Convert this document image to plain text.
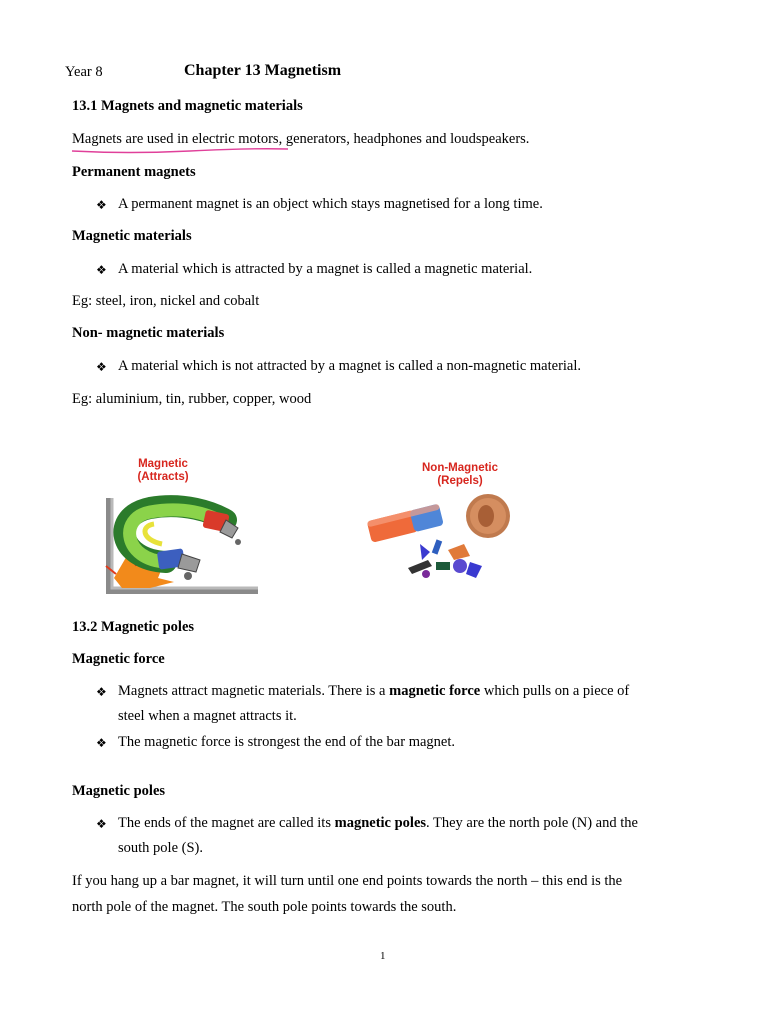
Year 8	Chapter 13 Magnetism
13.1 Magnets and magnetic materials
Magnets are used in electric motors, generators, headphones and loudspeakers.
Permanent magnets
❖ A permanent magnet is an object which stays magnetised for a long time.
Magnetic materials
❖ A material which is attracted by a magnet is called a magnetic material.
Eg: steel, iron, nickel and cobalt
Non- magnetic materials
❖ A material which is not attracted by a magnet is called a non-magnetic material.
Eg: aluminium, tin, rubber, copper, wood
Magnetic
(Attracts)
Non-Magnetic
(Repels)
13.2 Magnetic poles
Magnetic force
❖ Magnets attract magnetic materials. There is a magnetic force which pulls on a piece of
steel when a magnet attracts it.
❖ The magnetic force is strongest the end of the bar magnet.
Magnetic poles
❖ The ends of the magnet are called its magnetic poles. They are the north pole (N) and the
south pole (S).
If you hang up a bar magnet, it will turn until one end points towards the north – this end is the
north pole of the magnet. The south pole points towards the south.
1
